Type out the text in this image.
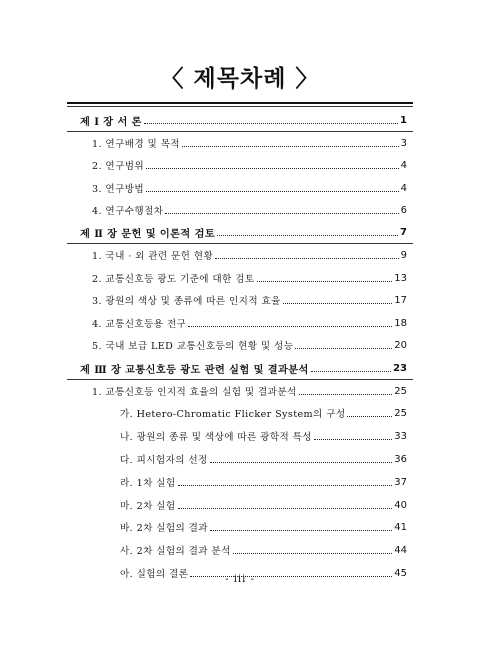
〈 제목차례 〉
제 Ⅰ 장 서 론	1
1. 연구배경 및 목적	3
2. 연구범위	4
3. 연구방법	4
4. 연구수행절차	6
제 Ⅱ 장 문헌 및 이론적 검토	7
1. 국내 · 외 관련 문헌 현황	9
2. 교통신호등 광도 기준에 대한 검토	13
3. 광원의 색상 및 종류에 따른 인지적 효율	17
4. 교통신호등용 전구	18
5. 국내 보급 LED 교통신호등의 현황 및 성능	20
제 Ⅲ 장 교통신호등 광도 관련 실험 및 결과분석	23
1. 교통신호등 인지적 효율의 실험 및 결과분석	25
가. Hetero-Chromatic Flicker System의 구성	25
나. 광원의 종류 및 색상에 따른 광학적 특성	33
다. 피시험자의 선정	36
라. 1차 실험	37
마. 2차 실험	40
바. 2차 실험의 결과	41
사. 2차 실험의 결과 분석	44
아. 실험의 결론	45
- iii -
